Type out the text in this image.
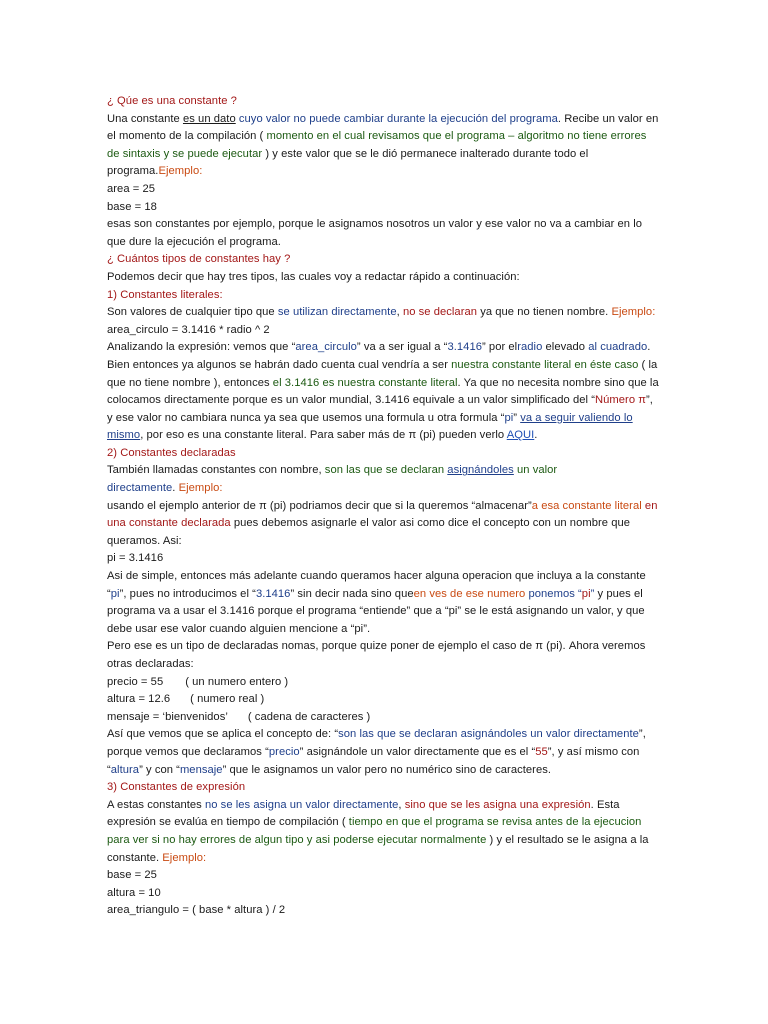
¿ Qúe es una constante ?
Una constante es un dato cuyo valor no puede cambiar durante la ejecución del programa. Recibe un valor en
el momento de la compilación ( momento en el cual revisamos que el programa – algoritmo no tiene errores
de sintaxis y se puede ejecutar ) y este valor que se le dió permanece inalterado durante todo el
programa.Ejemplo:
area = 25
base = 18
esas son constantes por ejemplo, porque le asignamos nosotros un valor y ese valor no va a cambiar en lo
que dure la ejecución el programa.
¿ Cuántos tipos de constantes hay ?
Podemos decir que hay tres tipos, las cuales voy a redactar rápido a continuación:
1) Constantes literales:
Son valores de cualquier tipo que se utilizan directamente, no se declaran ya que no tienen nombre. Ejemplo:
area_circulo = 3.1416 * radio ^ 2
Analizando la expresión: vemos que “area_circulo” va a ser igual a “3.1416” por elradio elevado al cuadrado.
Bien entonces ya algunos se habrán dado cuenta cual vendría a ser nuestra constante literal en éste caso ( la
que no tiene nombre ), entonces el 3.1416 es nuestra constante literal. Ya que no necesita nombre sino que la
colocamos directamente porque es un valor mundial, 3.1416 equivale a un valor simplificado del “Número π”,
y ese valor no cambiara nunca ya sea que usemos una formula u otra formula “pi” va a seguir valiendo lo
mismo, por eso es una constante literal. Para saber más de π (pi) pueden verlo AQUI.
2) Constantes declaradas
También llamadas constantes con nombre, son las que se declaran asignándoles un valor
directamente. Ejemplo:
usando el ejemplo anterior de π (pi) podriamos decir que si la queremos “almacenar”a esa constante literal en
una constante declarada pues debemos asignarle el valor asi como dice el concepto con un nombre que
queramos. Asi:
pi = 3.1416
Asi de simple, entonces más adelante cuando queramos hacer alguna operacion que incluya a la constante
“pi”, pues no introducimos el “3.1416” sin decir nada sino queen ves de ese numero ponemos “pi” y pues el
programa va a usar el 3.1416 porque el programa “entiende” que a “pi” se le está asignando un valor, y que
debe usar ese valor cuando alguien mencione a “pi”.
Pero ese es un tipo de declaradas nomas, porque quize poner de ejemplo el caso de π (pi). Ahora veremos
otras declaradas:
precio = 55 ( un numero entero )
altura = 12.6 ( numero real )
mensaje = ‘bienvenidos’ ( cadena de caracteres )
Así que vemos que se aplica el concepto de: “son las que se declaran asignándoles un valor directamente”,
porque vemos que declaramos “precio” asignándole un valor directamente que es el “55”, y así mismo con
“altura” y con “mensaje” que le asignamos un valor pero no numérico sino de caracteres.
3) Constantes de expresión
A estas constantes no se les asigna un valor directamente, sino que se les asigna una expresión. Esta
expresión se evalúa en tiempo de compilación ( tiempo en que el programa se revisa antes de la ejecucion
para ver si no hay errores de algun tipo y asi poderse ejecutar normalmente ) y el resultado se le asigna a la
constante. Ejemplo:
base = 25
altura = 10
area_triangulo = ( base * altura ) / 2
